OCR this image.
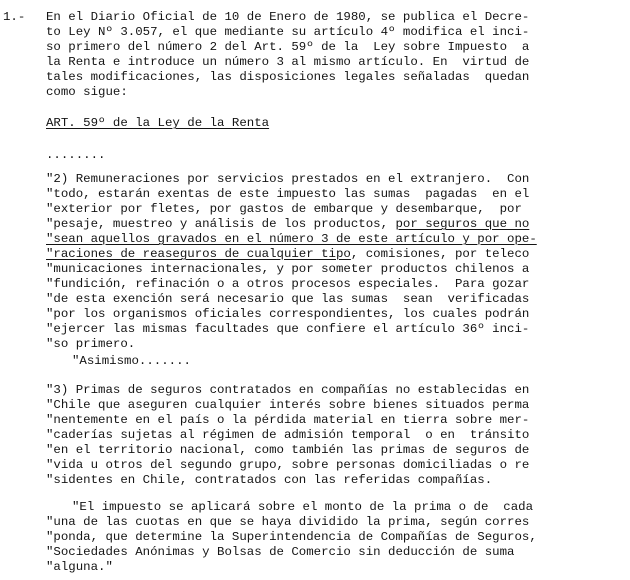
1.- En el Diario Oficial de 10 de Enero de 1980, se publica el Decre-
to Ley Nº 3.057, el que mediante su artículo 4º modifica el inci-
so primero del número 2 del Art. 59º de la  Ley sobre Impuesto  a
la Renta e introduce un número 3 al mismo artículo. En  virtud de
tales modificaciones, las disposiciones legales señaladas  quedan
como sigue:
ART. 59º de la Ley de la Renta
........
"2) Remuneraciones por servicios prestados en el extranjero.  Con
"todo, estarán exentas de este impuesto las sumas  pagadas  en el
"exterior por fletes, por gastos de embarque y desembarque,  por
"pesaje, muestreo y análisis de los productos, por seguros que no
"sean aquellos gravados en el número 3 de este artículo y por ope-
"raciones de reaseguros de cualquier tipo, comisiones, por teleco
"municaciones internacionales, y por someter productos chilenos a
"fundición, refinación o a otros procesos especiales.  Para gozar
"de esta exención será necesario que las sumas  sean  verificadas
"por los organismos oficiales correspondientes, los cuales podrán
"ejercer las mismas facultades que confiere el artículo 36º inci-
"so primero.
"Asimismo.......
"3) Primas de seguros contratados en compañías no establecidas en
"Chile que aseguren cualquier interés sobre bienes situados perma
"nentemente en el país o la pérdida material en tierra sobre mer-
"caderías sujetas al régimen de admisión temporal  o en  tránsito
"en el territorio nacional, como también las primas de seguros de
"vida u otros del segundo grupo, sobre personas domiciliadas o re
"sidentes en Chile, contratados con las referidas compañías.
"El impuesto se aplicará sobre el monto de la prima o de  cada
"una de las cuotas en que se haya dividido la prima, según corres
"ponda, que determine la Superintendencia de Compañías de Seguros,
"Sociedades Anónimas y Bolsas de Comercio sin deducción de suma
"alguna."
